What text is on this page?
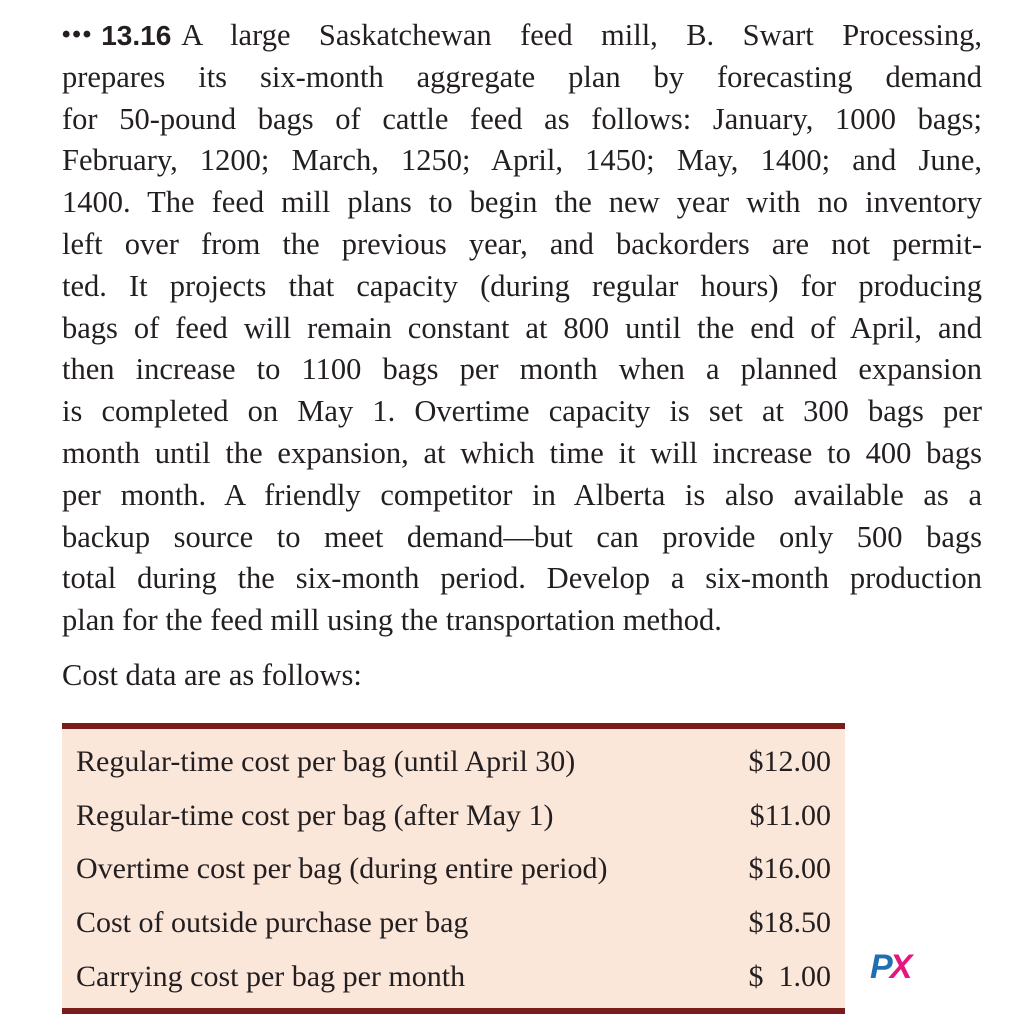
••• 13.16 A large Saskatchewan feed mill, B. Swart Processing,
prepares its six-month aggregate plan by forecasting demand
for 50-pound bags of cattle feed as follows: January, 1000 bags;
February, 1200; March, 1250; April, 1450; May, 1400; and June,
1400. The feed mill plans to begin the new year with no inventory
left over from the previous year, and backorders are not permit-
ted. It projects that capacity (during regular hours) for producing
bags of feed will remain constant at 800 until the end of April, and
then increase to 1100 bags per month when a planned expansion
is completed on May 1. Overtime capacity is set at 300 bags per
month until the expansion, at which time it will increase to 400 bags
per month. A friendly competitor in Alberta is also available as a
backup source to meet demand—but can provide only 500 bags
total during the six-month period. Develop a six-month production
plan for the feed mill using the transportation method.

Cost data are as follows:

Regular-time cost per bag (until April 30)	$12.00
Regular-time cost per bag (after May 1)	$11.00
Overtime cost per bag (during entire period)	$16.00
Cost of outside purchase per bag	$18.50
Carrying cost per bag per month	$  1.00 PX
